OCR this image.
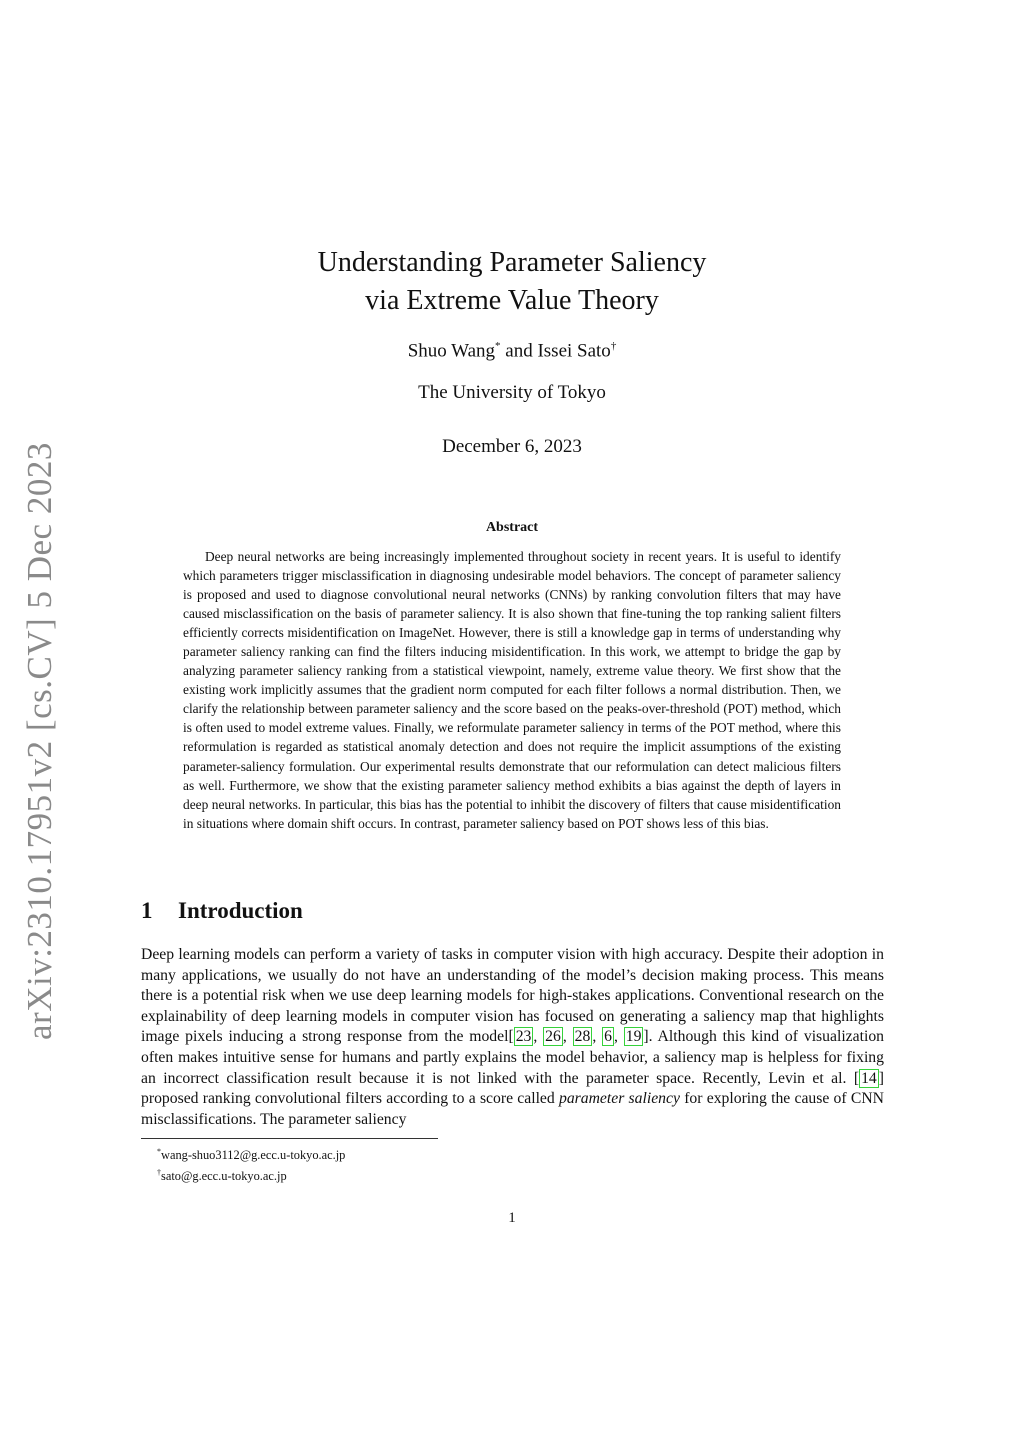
arXiv:2310.17951v2 [cs.CV] 5 Dec 2023
Understanding Parameter Saliency
via Extreme Value Theory
Shuo Wang* and Issei Sato†
The University of Tokyo
December 6, 2023
Abstract

Deep neural networks are being increasingly implemented throughout society in recent years. It is useful to identify which parameters trigger misclassification in diagnosing undesirable model behaviors. The concept of parameter saliency is proposed and used to diagnose convolutional neural networks (CNNs) by ranking convolution filters that may have caused misclassification on the basis of parameter saliency. It is also shown that fine-tuning the top ranking salient filters efficiently corrects misidentification on ImageNet. However, there is still a knowledge gap in terms of understanding why parameter saliency ranking can find the filters inducing misidentification. In this work, we attempt to bridge the gap by analyzing parameter saliency ranking from a statistical viewpoint, namely, extreme value theory. We first show that the existing work implicitly assumes that the gradient norm computed for each filter follows a normal distribution. Then, we clarify the relationship between parameter saliency and the score based on the peaks-over-threshold (POT) method, which is often used to model extreme values. Finally, we reformulate parameter saliency in terms of the POT method, where this reformulation is regarded as statistical anomaly detection and does not require the implicit assumptions of the existing parameter-saliency formulation. Our experimental results demonstrate that our reformulation can detect malicious filters as well. Furthermore, we show that the existing parameter saliency method exhibits a bias against the depth of layers in deep neural networks. In particular, this bias has the potential to inhibit the discovery of filters that cause misidentification in situations where domain shift occurs. In contrast, parameter saliency based on POT shows less of this bias.

1 Introduction

Deep learning models can perform a variety of tasks in computer vision with high accuracy. Despite their adoption in many applications, we usually do not have an understanding of the model’s decision making process. This means there is a potential risk when we use deep learning models for high-stakes applications. Conventional research on the explainability of deep learning models in computer vision has focused on generating a saliency map that highlights image pixels inducing a strong response from the model[ 23 , 26 , 28 , 6 , 19 ]. Although this kind of visualization often makes intuitive sense for humans and partly explains the model behavior, a saliency map is helpless for fixing an incorrect classification result because it is not linked with the parameter space. Recently, Levin et al. [ 14 ] proposed ranking convolutional filters according to a score called parameter saliency for exploring the cause of CNN misclassifications. The parameter saliency

*wang-shuo3112@g.ecc.u-tokyo.ac.jp
†sato@g.ecc.u-tokyo.ac.jp
1
